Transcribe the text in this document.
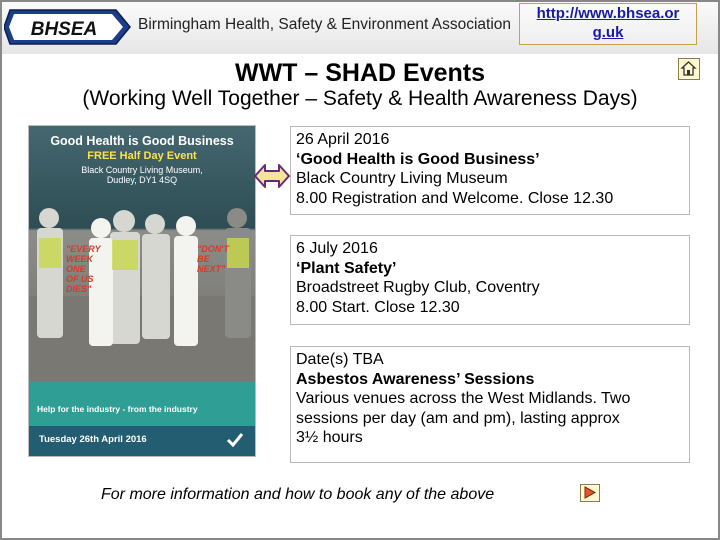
BHSEA	Birmingham Health, Safety & Environment Association
http://www.bhsea.or
g.uk
WWT – SHAD Events
(Working Well Together – Safety & Health Awareness Days)
Good Health is Good Business
FREE Half Day Event
Black Country Living Museum,
Dudley, DY1 4SQ
"EVERY
WEEK
ONE
OF US
DIES"
"DON'T
BE
NEXT"
Help for the industry - from the industry
Tuesday 26th April 2016
26 April 2016
‘Good Health is Good Business’
Black Country Living Museum
8.00 Registration and Welcome. Close 12.30
6 July 2016
‘Plant Safety’
Broadstreet Rugby Club, Coventry
8.00 Start. Close 12.30
Date(s) TBA
Asbestos Awareness’ Sessions
Various venues across the West Midlands. Two
sessions per day (am and pm), lasting approx
3½ hours
For more information and how to book any of the above
